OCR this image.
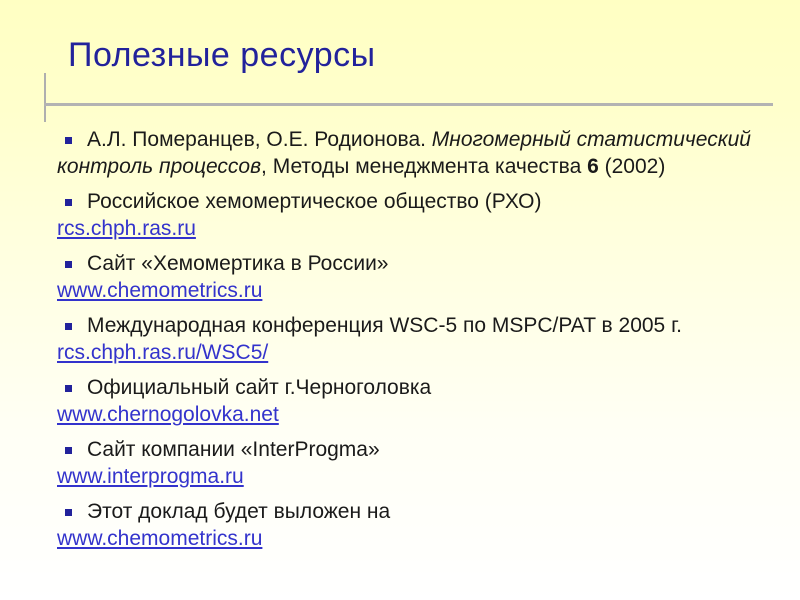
Полезные ресурсы
А.Л. Померанцев, О.Е. Родионова. Многомерный статистический
контроль процессов, Методы менеджмента качества 6 (2002)
Российское хемомертическое общество (РХО)
rcs.chph.ras.ru
Сайт «Хемомертика в России»
www.chemometrics.ru
Международная конференция WSC-5 по MSPC/PAT в 2005 г.
rcs.chph.ras.ru/WSC5/
Официальный сайт г.Черноголовка
www.chernogolovka.net
Сайт компании «InterProgma»
www.interprogma.ru
Этот доклад будет выложен на
www.chemometrics.ru
